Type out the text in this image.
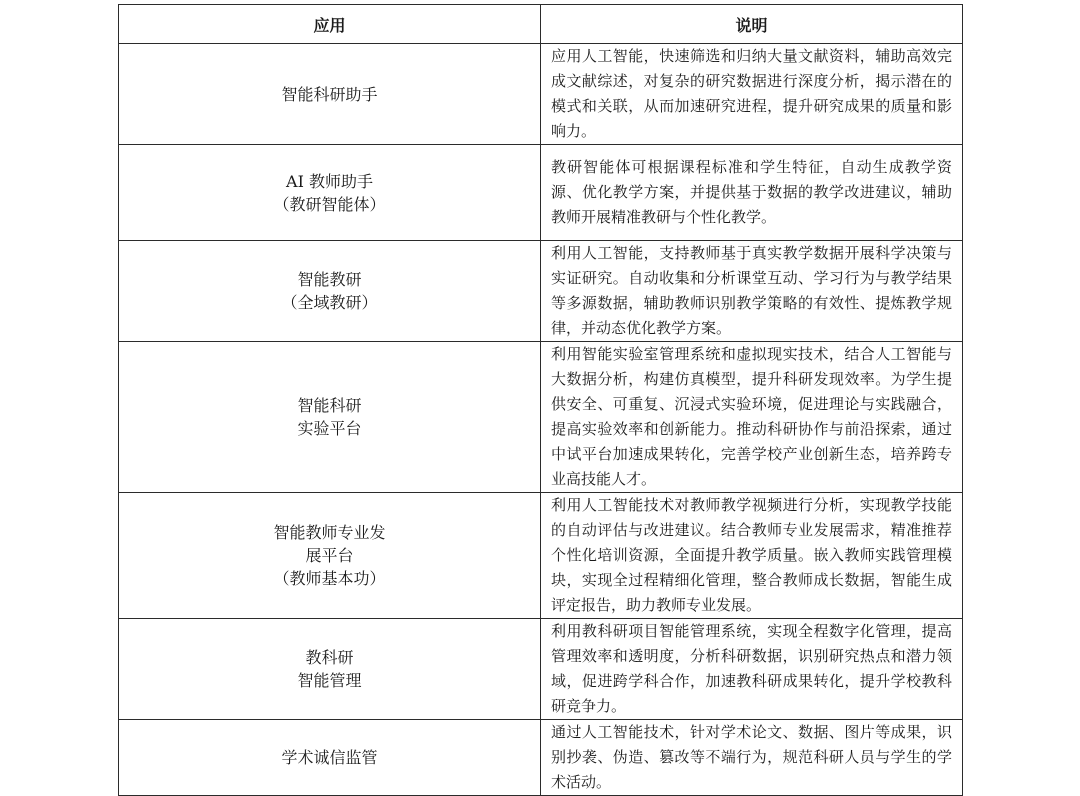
应用	说明

智能科研助手	应用人工智能，快速筛选和归纳大量文献资料，辅助高效完成文献综述，对复杂的研究数据进行深度分析，揭示潜在的模式和关联，从而加速研究进程，提升研究成果的质量和影响力。

AI 教师助手
（教研智能体）	教研智能体可根据课程标准和学生特征，自动生成教学资源、优化教学方案，并提供基于数据的教学改进建议，辅助教师开展精准教研与个性化教学。

智能教研
（全域教研）	利用人工智能，支持教师基于真实教学数据开展科学决策与实证研究。自动收集和分析课堂互动、学习行为与教学结果等多源数据，辅助教师识别教学策略的有效性、提炼教学规律，并动态优化教学方案。

智能科研
实验平台	利用智能实验室管理系统和虚拟现实技术，结合人工智能与大数据分析，构建仿真模型，提升科研发现效率。为学生提供安全、可重复、沉浸式实验环境，促进理论与实践融合，提高实验效率和创新能力。推动科研协作与前沿探索，通过中试平台加速成果转化，完善学校产业创新生态，培养跨专业高技能人才。

智能教师专业发
展平台
（教师基本功）	利用人工智能技术对教师教学视频进行分析，实现教学技能的自动评估与改进建议。结合教师专业发展需求，精准推荐个性化培训资源，全面提升教学质量。嵌入教师实践管理模块，实现全过程精细化管理，整合教师成长数据，智能生成评定报告，助力教师专业发展。

教科研
智能管理	利用教科研项目智能管理系统，实现全程数字化管理，提高管理效率和透明度，分析科研数据，识别研究热点和潜力领域，促进跨学科合作，加速教科研成果转化，提升学校教科研竞争力。

学术诚信监管	通过人工智能技术，针对学术论文、数据、图片等成果，识别抄袭、伪造、篡改等不端行为，规范科研人员与学生的学术活动。
